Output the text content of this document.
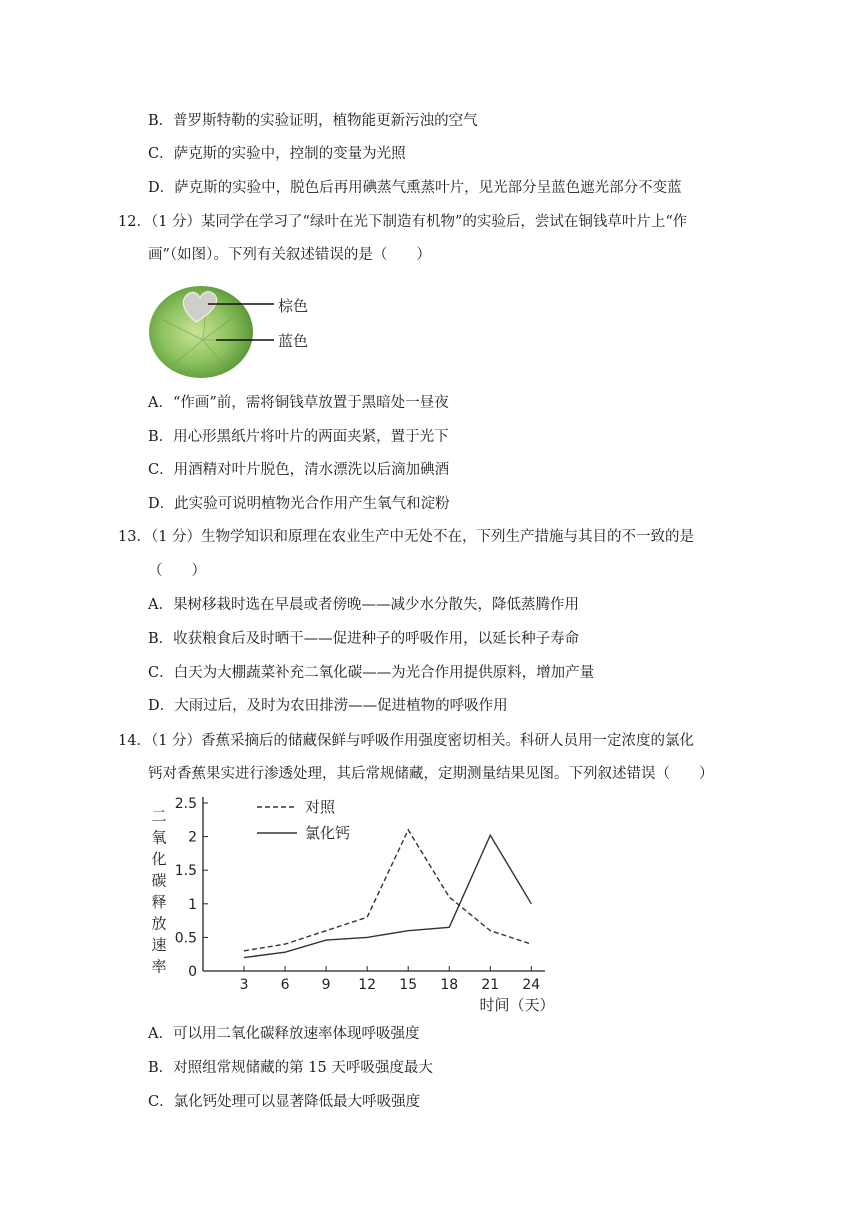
B．普罗斯特勒的实验证明，植物能更新污浊的空气
C．萨克斯的实验中，控制的变量为光照
D．萨克斯的实验中，脱色后再用碘蒸气熏蒸叶片，见光部分呈蓝色遮光部分不变蓝
12．（1 分）某同学在学习了“绿叶在光下制造有机物”的实验后，尝试在铜钱草叶片上“作
画”（如图）。下列有关叙述错误的是（　　）
棕色
蓝色
A．“作画”前，需将铜钱草放置于黑暗处一昼夜
B．用心形黑纸片将叶片的两面夹紧，置于光下
C．用酒精对叶片脱色，清水漂洗以后滴加碘酒
D．此实验可说明植物光合作用产生氧气和淀粉
13．（1 分）生物学知识和原理在农业生产中无处不在，下列生产措施与其目的不一致的是
（　　）
A．果树移栽时选在早晨或者傍晚——减少水分散失，降低蒸腾作用
B．收获粮食后及时晒干——促进种子的呼吸作用，以延长种子寿命
C．白天为大棚蔬菜补充二氧化碳——为光合作用提供原料，增加产量
D．大雨过后，及时为农田排涝——促进植物的呼吸作用
14．（1 分）香蕉采摘后的储藏保鲜与呼吸作用强度密切相关。科研人员用一定浓度的氯化
钙对香蕉果实进行渗透处理，其后常规储藏，定期测量结果见图。下列叙述错误（　　）
0
0.5
1
1.5
2
2.5
3 6 9 12 15 18 21 24
二
氧
化
碳
释
放
速
率
时间（天）
对照
氯化钙
A．可以用二氧化碳释放速率体现呼吸强度
B．对照组常规储藏的第 15 天呼吸强度最大
C．氯化钙处理可以显著降低最大呼吸强度
